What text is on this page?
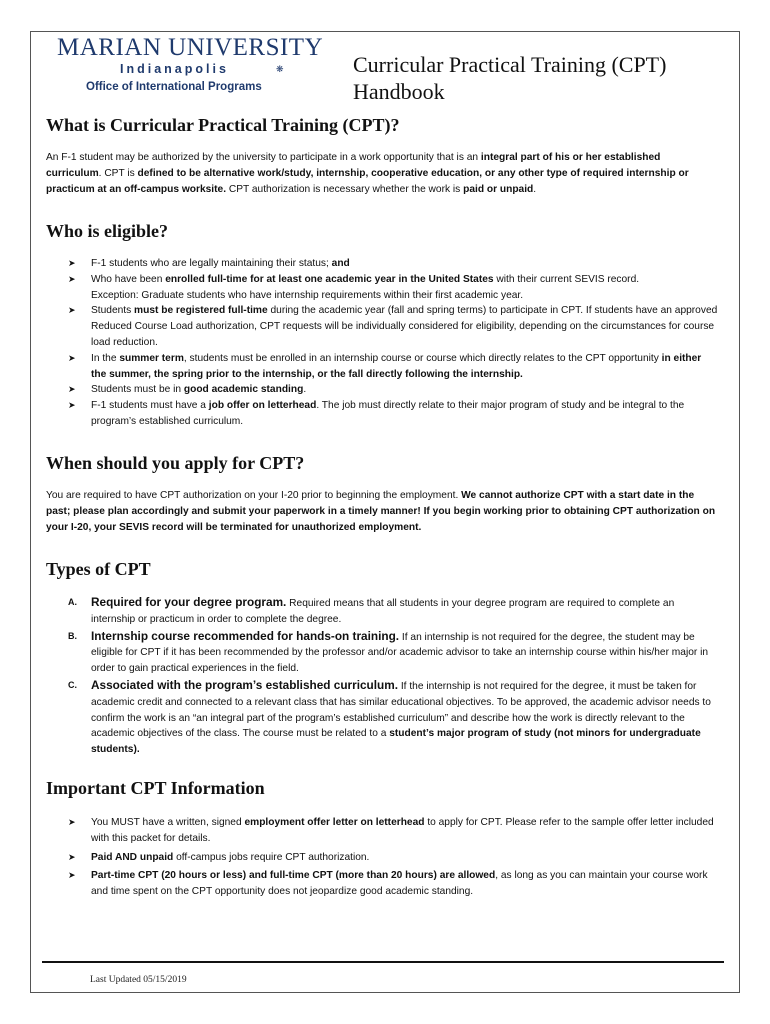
MARIAN UNIVERSITY
Indianapolis	❋
Office of International Programs
Curricular Practical Training (CPT)
Handbook
What is Curricular Practical Training (CPT)?

An F-1 student may be authorized by the university to participate in a work opportunity that is an integral part of his or her established curriculum. CPT is defined to be alternative work/study, internship, cooperative education, or any other type of required internship or practicum at an off-campus worksite. CPT authorization is necessary whether the work is paid or unpaid.

Who is eligible?
➤ F-1 students who are legally maintaining their status; and
➤ Who have been enrolled full-time for at least one academic year in the United States with their current SEVIS record.
Exception: Graduate students who have internship requirements within their first academic year.
➤ Students must be registered full-time during the academic year (fall and spring terms) to participate in CPT. If students have an approved Reduced Course Load authorization, CPT requests will be individually considered for eligibility, depending on the circumstances for course load reduction.
➤ In the summer term, students must be enrolled in an internship course or course which directly relates to the CPT opportunity in either the summer, the spring prior to the internship, or the fall directly following the internship.
➤ Students must be in good academic standing.
➤ F-1 students must have a job offer on letterhead. The job must directly relate to their major program of study and be integral to the program’s established curriculum.
When should you apply for CPT?

You are required to have CPT authorization on your I-20 prior to beginning the employment. We cannot authorize CPT with a start date in the past; please plan accordingly and submit your paperwork in a timely manner! If you begin working prior to obtaining CPT authorization on your I-20, your SEVIS record will be terminated for unauthorized employment.

Types of CPT
A. Required for your degree program. Required means that all students in your degree program are required to complete an internship or practicum in order to complete the degree.
B. Internship course recommended for hands-on training. If an internship is not required for the degree, the student may be eligible for CPT if it has been recommended by the professor and/or academic advisor to take an internship course within his/her major in order to gain practical experiences in the field.
C. Associated with the program’s established curriculum. If the internship is not required for the degree, it must be taken for academic credit and connected to a relevant class that has similar educational objectives. To be approved, the academic advisor needs to confirm the work is an “an integral part of the program’s established curriculum” and describe how the work is directly relevant to the academic objectives of the class. The course must be related to a student’s major program of study (not minors for undergraduate students).
Important CPT Information
➤ You MUST have a written, signed employment offer letter on letterhead to apply for CPT. Please refer to the sample offer letter included with this packet for details.
➤ Paid AND unpaid off-campus jobs require CPT authorization.
➤ Part-time CPT (20 hours or less) and full-time CPT (more than 20 hours) are allowed, as long as you can maintain your course work and time spent on the CPT opportunity does not jeopardize good academic standing.
Last Updated 05/15/2019
